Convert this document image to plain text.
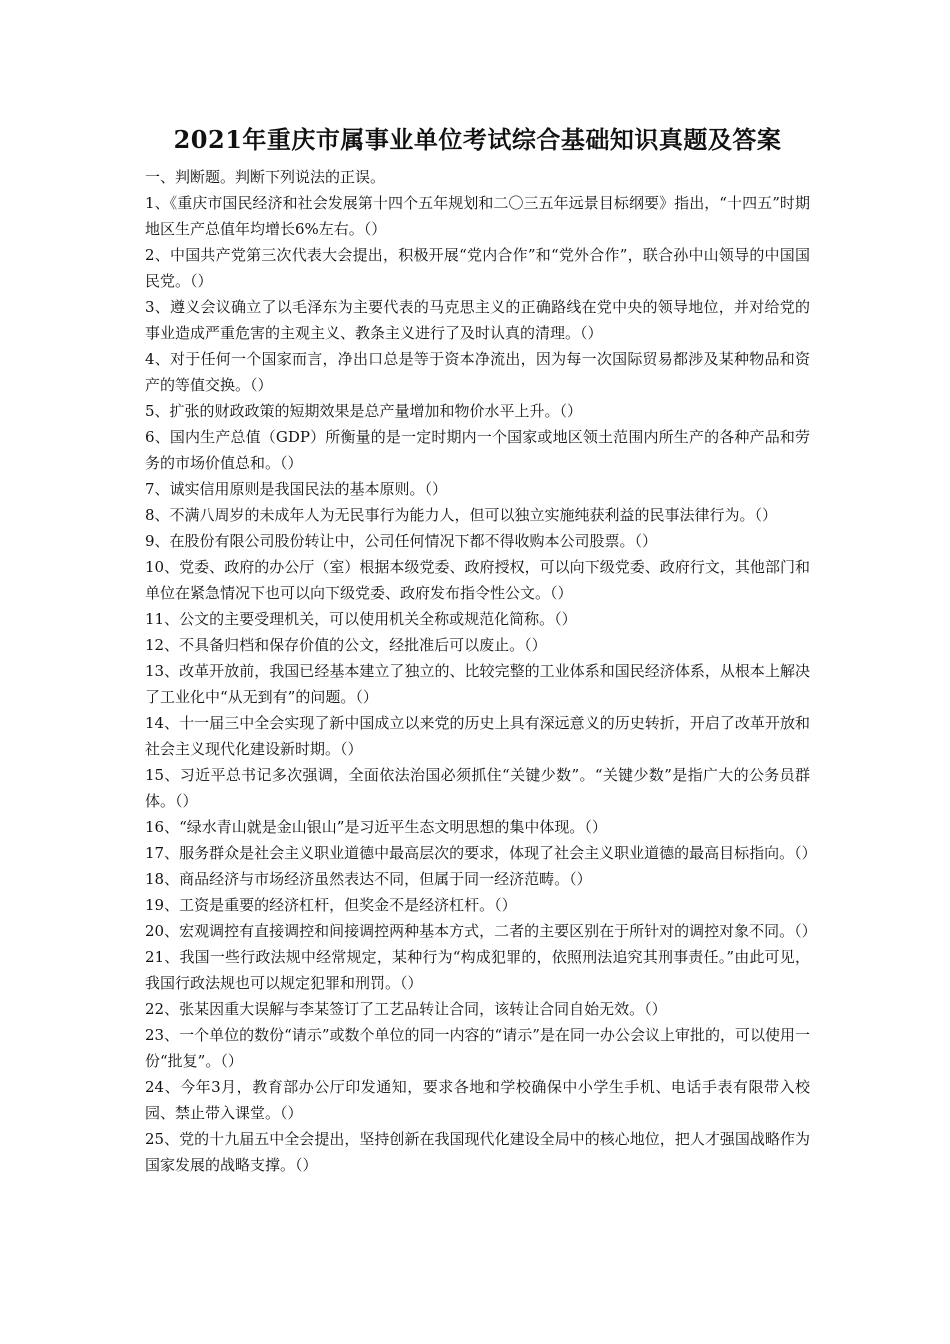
2021年重庆市属事业单位考试综合基础知识真题及答案

一、判断题。判断下列说法的正误。

1、《重庆市国民经济和社会发展第十四个五年规划和二〇三五年远景目标纲要》指出，“十四五”时期地区生产总值年均增长6%左右。（）

2、中国共产党第三次代表大会提出，积极开展“党内合作”和“党外合作”，联合孙中山领导的中国国民党。（）

3、遵义会议确立了以毛泽东为主要代表的马克思主义的正确路线在党中央的领导地位，并对给党的事业造成严重危害的主观主义、教条主义进行了及时认真的清理。（）

4、对于任何一个国家而言，净出口总是等于资本净流出，因为每一次国际贸易都涉及某种物品和资产的等值交换。（）

5、扩张的财政政策的短期效果是总产量增加和物价水平上升。（）

6、国内生产总值（GDP）所衡量的是一定时期内一个国家或地区领土范围内所生产的各种产品和劳务的市场价值总和。（）

7、诚实信用原则是我国民法的基本原则。（）

8、不满八周岁的未成年人为无民事行为能力人，但可以独立实施纯获利益的民事法律行为。（）

9、在股份有限公司股份转让中，公司任何情况下都不得收购本公司股票。（）

10、党委、政府的办公厅（室）根据本级党委、政府授权，可以向下级党委、政府行文，其他部门和单位在紧急情况下也可以向下级党委、政府发布指令性公文。（）

11、公文的主要受理机关，可以使用机关全称或规范化简称。（）

12、不具备归档和保存价值的公文，经批准后可以废止。（）

13、改革开放前，我国已经基本建立了独立的、比较完整的工业体系和国民经济体系，从根本上解决了工业化中“从无到有”的问题。（）

14、十一届三中全会实现了新中国成立以来党的历史上具有深远意义的历史转折，开启了改革开放和社会主义现代化建设新时期。（）

15、习近平总书记多次强调，全面依法治国必须抓住“关键少数”。“关键少数”是指广大的公务员群体。（）

16、“绿水青山就是金山银山”是习近平生态文明思想的集中体现。（）

17、服务群众是社会主义职业道德中最高层次的要求，体现了社会主义职业道德的最高目标指向。（）

18、商品经济与市场经济虽然表达不同，但属于同一经济范畴。（）

19、工资是重要的经济杠杆，但奖金不是经济杠杆。（）

20、宏观调控有直接调控和间接调控两种基本方式，二者的主要区别在于所针对的调控对象不同。（）

21、我国一些行政法规中经常规定，某种行为“构成犯罪的，依照刑法追究其刑事责任。”由此可见，我国行政法规也可以规定犯罪和刑罚。（）

22、张某因重大误解与李某签订了工艺品转让合同，该转让合同自始无效。（）

23、一个单位的数份“请示”或数个单位的同一内容的“请示”是在同一办公会议上审批的，可以使用一份“批复”。（）

24、今年3月，教育部办公厅印发通知，要求各地和学校确保中小学生手机、电话手表有限带入校园、禁止带入课堂。（）

25、党的十九届五中全会提出，坚持创新在我国现代化建设全局中的核心地位，把人才强国战略作为国家发展的战略支撑。（）
